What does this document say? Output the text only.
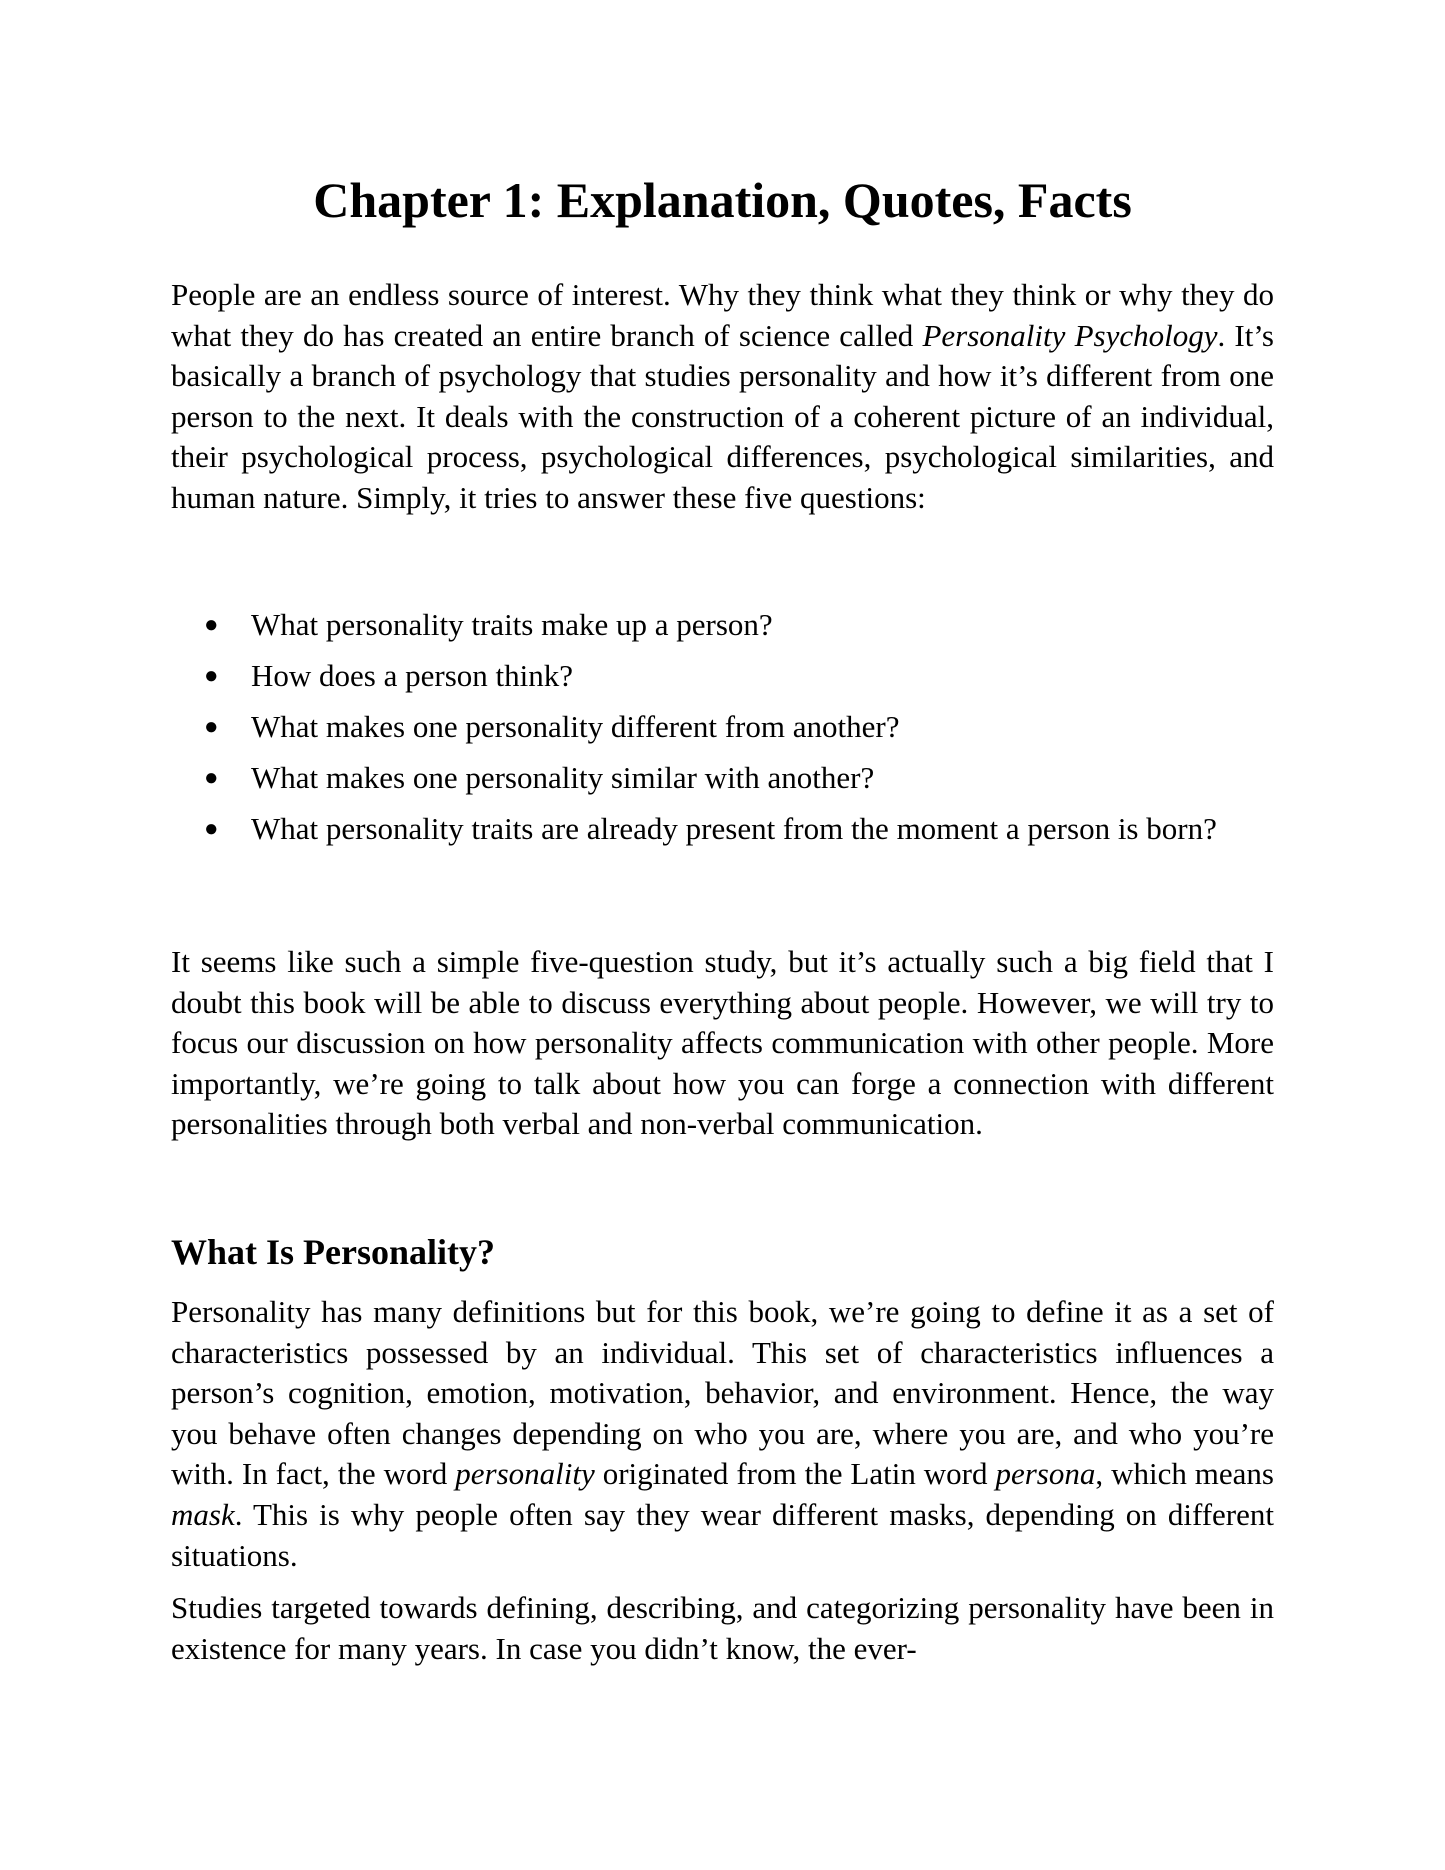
Chapter 1: Explanation, Quotes, Facts

People are an endless source of interest. Why they think what they think or why they do what they do has created an entire branch of science called Personality Psychology. It’s basically a branch of psychology that studies personality and how it’s different from one person to the next. It deals with the construction of a coherent picture of an individual, their psychological process, psychological differences, psychological similarities, and human nature. Simply, it tries to answer these five questions:

● What personality traits make up a person?
● How does a person think?
● What makes one personality different from another?
● What makes one personality similar with another?
● What personality traits are already present from the moment a person is born?

It seems like such a simple five-question study, but it’s actually such a big field that I doubt this book will be able to discuss everything about people. However, we will try to focus our discussion on how personality affects communication with other people. More importantly, we’re going to talk about how you can forge a connection with different personalities through both verbal and non-verbal communication.

What Is Personality?

Personality has many definitions but for this book, we’re going to define it as a set of characteristics possessed by an individual. This set of characteristics influences a person’s cognition, emotion, motivation, behavior, and environment. Hence, the way you behave often changes depending on who you are, where you are, and who you’re with. In fact, the word personality originated from the Latin word persona, which means mask. This is why people often say they wear different masks, depending on different situations.

Studies targeted towards defining, describing, and categorizing personality have been in existence for many years. In case you didn’t know, the ever-
